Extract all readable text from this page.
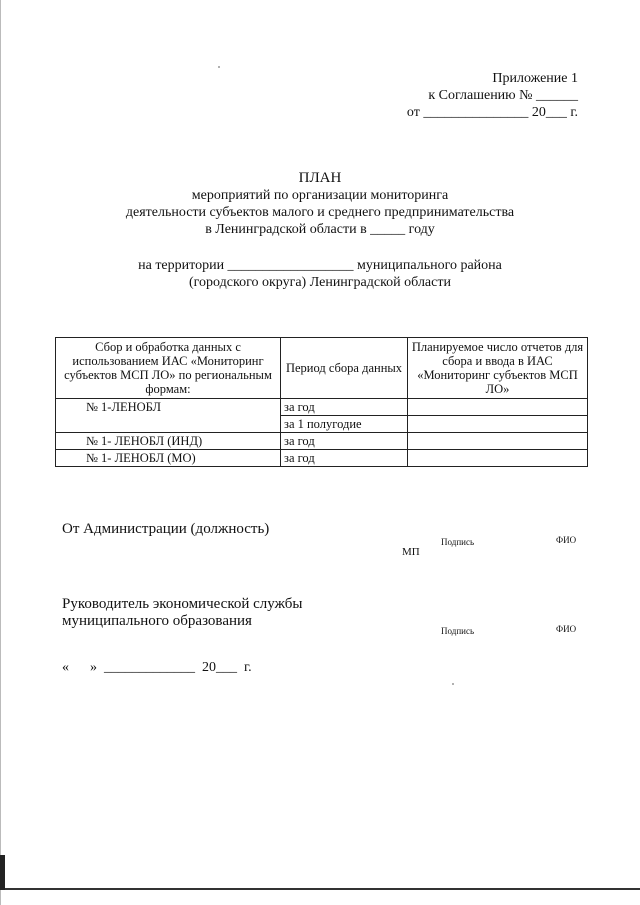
Приложение 1
к Соглашению № ______
от _______________ 20___ г.
ПЛАН
мероприятий по организации мониторинга
деятельности субъектов малого и среднего предпринимательства
в Ленинградской области в _____ году
на территории __________________ муниципального района
(городского округа) Ленинградской области
Сбор и обработка данных с использованием ИАС «Мониторинг субъектов МСП ЛО» по региональным формам:	Период сбора данных	Планируемое число отчетов для сбора и ввода в ИАС «Мониторинг субъектов МСП ЛО»
№ 1-ЛЕНОБЛ	за год	
	за 1 полугодие	
№ 1- ЛЕНОБЛ (ИНД)	за год	
№ 1- ЛЕНОБЛ (МО)	за год	
От Администрации (должность)
Подпись	ФИО
МП
Руководитель экономической службы
муниципального образования
Подпись	ФИО
«      »  _____________  20___  г.
